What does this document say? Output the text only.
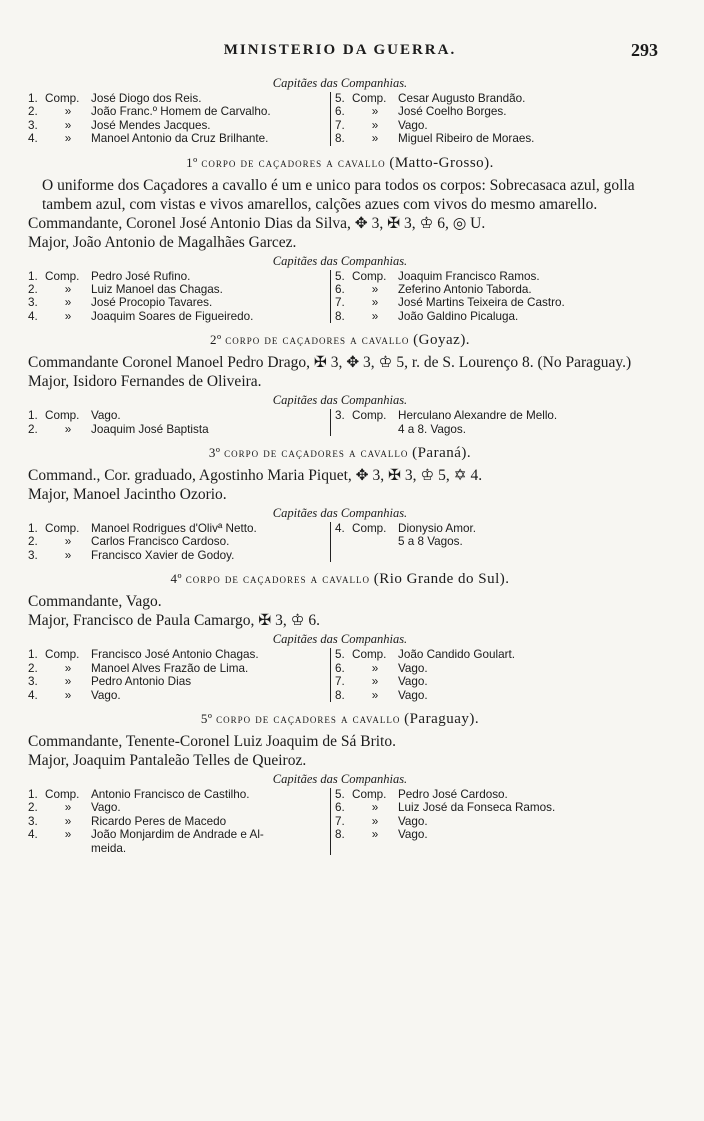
MINISTERIO DA GUERRA.	293
Capitães das Companhias.
1. Comp. José Diogo dos Reis.
2.	»	João Franc.º Homem de Carvalho.
3.	»	José Mendes Jacques.
4.	»	Manoel Antonio da Cruz Brilhante.
5. Comp. Cesar Augusto Brandão.
6.	»	José Coelho Borges.
7.	»	Vago.
8.	»	Miguel Ribeiro de Moraes.
1º corpo de caçadores a cavallo (Matto-Grosso).
O uniforme dos Caçadores a cavallo é um e unico para todos os corpos: Sobrecasaca azul, golla tambem azul, com vistas e vivos amarellos, calções azues com vivos do mesmo amarello.
Commandante, Coronel José Antonio Dias da Silva, ✥ 3, ✠ 3, ♔ 6, ◎ U.
Major, João Antonio de Magalhães Garcez.
Capitães das Companhias.
1. Comp. Pedro José Rufino.
2.	»	Luiz Manoel das Chagas.
3.	»	José Procopio Tavares.
4.	»	Joaquim Soares de Figueiredo.
5. Comp. Joaquim Francisco Ramos.
6.	»	Zeferino Antonio Taborda.
7.	»	José Martins Teixeira de Castro.
8.	»	João Galdino Picaluga.
2º corpo de caçadores a cavallo (Goyaz).
Commandante Coronel Manoel Pedro Drago, ✠ 3, ✥ 3, ♔ 5, r. de S. Lourenço 8. (No Paraguay.)
Major, Isidoro Fernandes de Oliveira.
Capitães das Companhias.
1. Comp. Vago.
2.	»	Joaquim José Baptista
3. Comp. Herculano Alexandre de Mello.
4 a 8. Vagos.
3º corpo de caçadores a cavallo (Paraná).
Command., Cor. graduado, Agostinho Maria Piquet, ✥ 3, ✠ 3, ♔ 5, ✡ 4.
Major, Manoel Jacintho Ozorio.
Capitães das Companhias.
1. Comp. Manoel Rodrigues d'Olivª Netto.
2.	»	Carlos Francisco Cardoso.
3.	»	Francisco Xavier de Godoy.
4. Comp. Dionysio Amor.
5 a 8 Vagos.
4º corpo de caçadores a cavallo (Rio Grande do Sul).
Commandante, Vago.
Major, Francisco de Paula Camargo, ✠ 3, ♔ 6.
Capitães das Companhias.
1. Comp. Francisco José Antonio Chagas.
2.	»	Manoel Alves Frazão de Lima.
3.	»	Pedro Antonio Dias
4.	»	Vago.
5. Comp. João Candido Goulart.
6.	»	Vago.
7.	»	Vago.
8.	»	Vago.
5º corpo de caçadores a cavallo (Paraguay).
Commandante, Tenente-Coronel Luiz Joaquim de Sá Brito.
Major, Joaquim Pantaleão Telles de Queiroz.
Capitães das Companhias.
1. Comp. Antonio Francisco de Castilho.
2.	»	Vago.
3.	»	Ricardo Peres de Macedo
4.	»	João Monjardim de Andrade e Al-
meida.
5. Comp. Pedro José Cardoso.
6.	»	Luiz José da Fonseca Ramos.
7.	»	Vago.
8.	»	Vago.
